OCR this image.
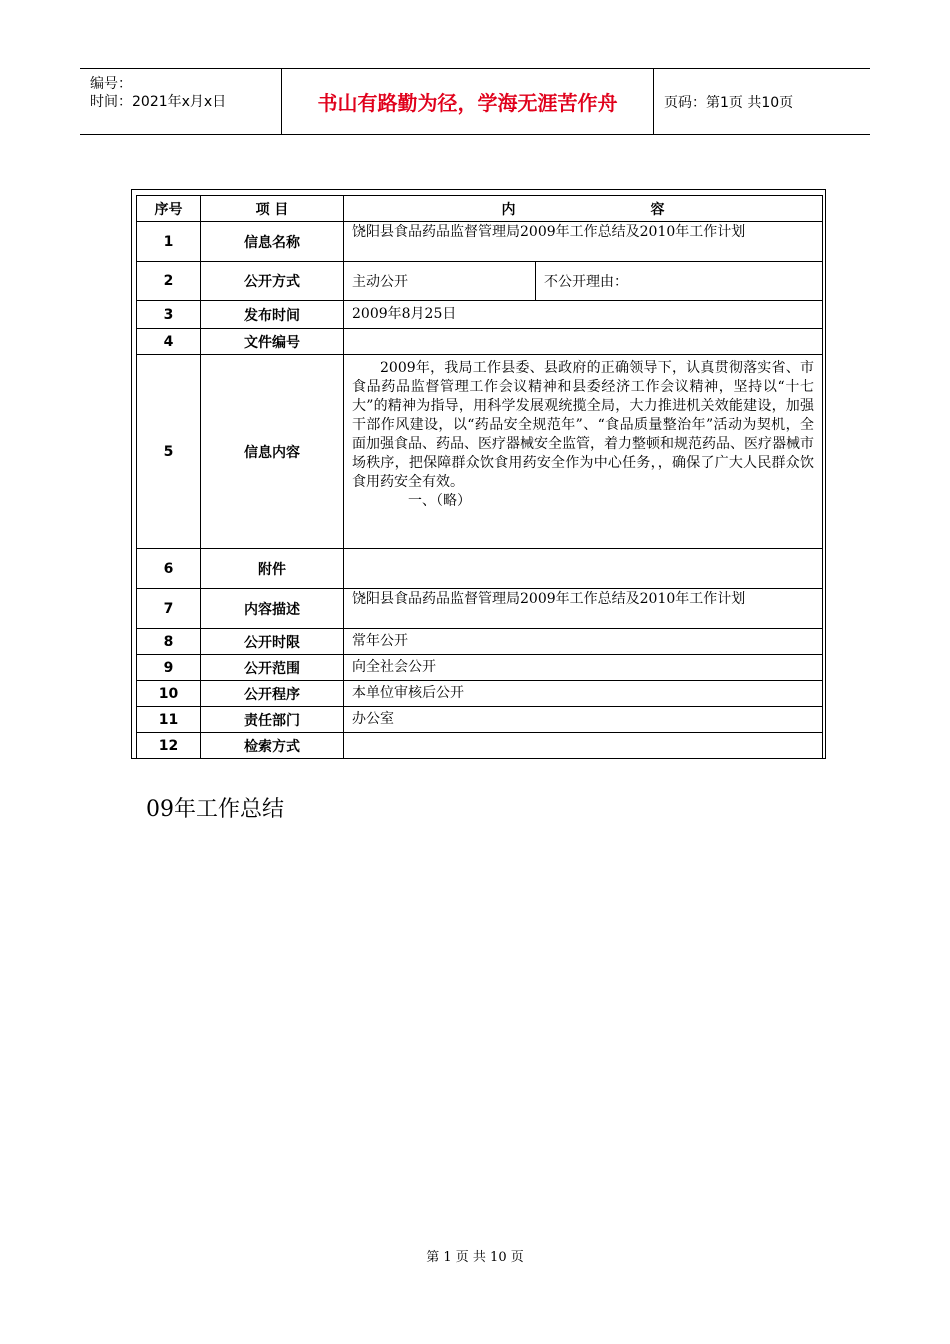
编号：
时间：2021年x月x日	书山有路勤为径，学海无涯苦作舟	页码：第1页 共10页
序号	项 目	内 容

1	信息名称	饶阳县食品药品监督管理局2009年工作总结及2010年工作计划
2	公开方式	主动公开 不公开理由：

3	发布时间	2009年8月25日
4	文件编号	
5	信息内容	2009年，我局工作县委、县政府的正确领导下，认真贯彻落实省、市食品药品监督管理工作会议精神和县委经济工作会议精神，坚持以“十七大”的精神为指导，用科学发展观统揽全局，大力推进机关效能建设，加强干部作风建设，以“药品安全规范年”、“食品质量整治年”活动为契机，全面加强食品、药品、医疗器械安全监管，着力整顿和规范药品、医疗器械市场秩序，把保障群众饮食用药安全作为中心任务，，确保了广大人民群众饮食用药安全有效。

一、（略）

6	附件	
7	内容描述	饶阳县食品药品监督管理局2009年工作总结及2010年工作计划
8	公开时限	常年公开
9	公开范围	向全社会公开
10	公开程序	本单位审核后公开
11	责任部门	办公室
12	检索方式	
09年工作总结
第 1 页 共 10 页
